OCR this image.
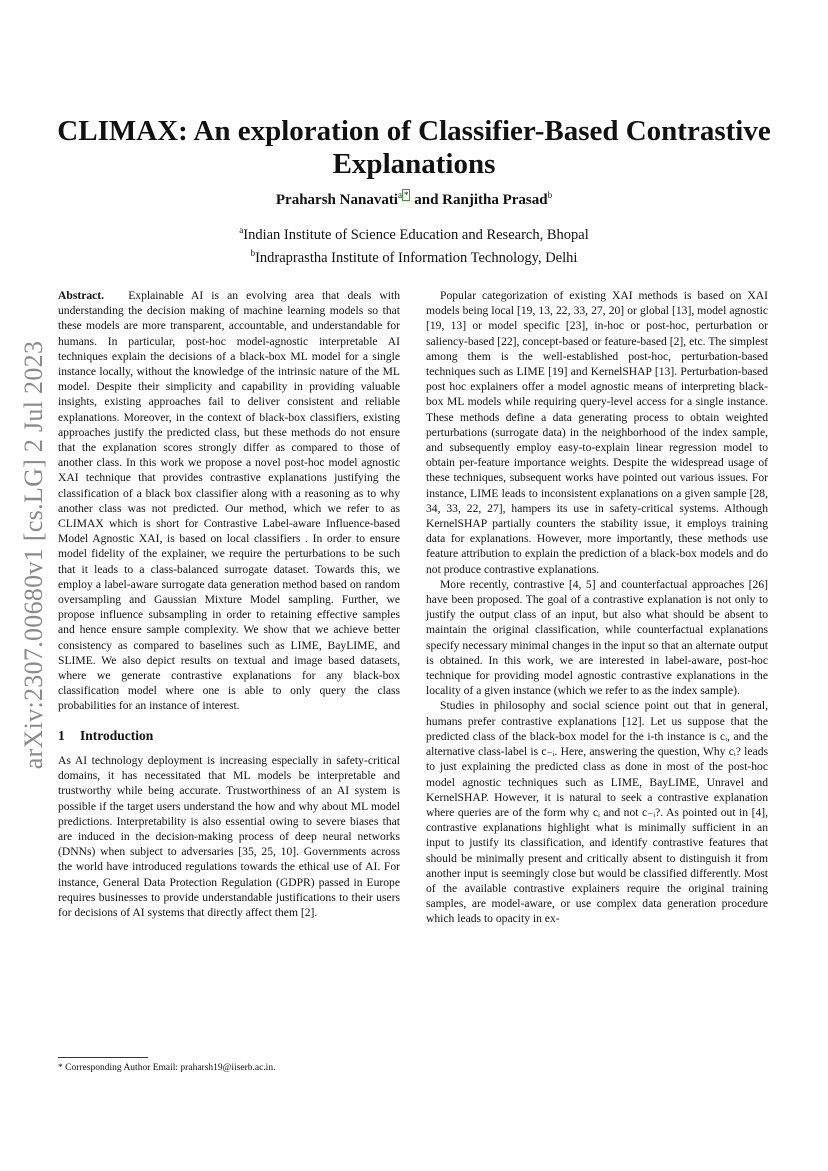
arXiv:2307.00680v1 [cs.LG] 2 Jul 2023
CLIMAX: An exploration of Classifier-Based Contrastive Explanations
Praharsh Nanavati$^a$ * and Ranjitha Prasad$^b$
$^a$Indian Institute of Science Education and Research, Bhopal
$^b$Indraprastha Institute of Information Technology, Delhi

Abstract. Explainable AI is an evolving area that deals with understanding the decision making of machine learning models so that these models are more transparent, accountable, and understandable for humans. In particular, post-hoc model-agnostic interpretable AI techniques explain the decisions of a black-box ML model for a single instance locally, without the knowledge of the intrinsic nature of the ML model. Despite their simplicity and capability in providing valuable insights, existing approaches fail to deliver consistent and reliable explanations. Moreover, in the context of black-box classifiers, existing approaches justify the predicted class, but these methods do not ensure that the explanation scores strongly differ as compared to those of another class. In this work we propose a novel post-hoc model agnostic XAI technique that provides contrastive explanations justifying the classification of a black box classifier along with a reasoning as to why another class was not predicted. Our method, which we refer to as CLIMAX which is short for Contrastive Label-aware Influence-based Model Agnostic XAI, is based on local classifiers . In order to ensure model fidelity of the explainer, we require the perturbations to be such that it leads to a class-balanced surrogate dataset. Towards this, we employ a label-aware surrogate data generation method based on random oversampling and Gaussian Mixture Model sampling. Further, we propose influence subsampling in order to retaining effective samples and hence ensure sample complexity. We show that we achieve better consistency as compared to baselines such as LIME, BayLIME, and SLIME. We also depict results on textual and image based datasets, where we generate contrastive explanations for any black-box classification model where one is able to only query the class probabilities for an instance of interest.

1 Introduction

As AI technology deployment is increasing especially in safety-critical domains, it has necessitated that ML models be interpretable and trustworthy while being accurate. Trustworthiness of an AI system is possible if the target users understand the how and why about ML model predictions. Interpretability is also essential owing to severe biases that are induced in the decision-making process of deep neural networks (DNNs) when subject to adversaries [35, 25, 10]. Governments across the world have introduced regulations towards the ethical use of AI. For instance, General Data Protection Regulation (GDPR) passed in Europe requires businesses to provide understandable justifications to their users for decisions of AI systems that directly affect them [2].

Popular categorization of existing XAI methods is based on XAI models being local [19, 13, 22, 33, 27, 20] or global [13], model agnostic [19, 13] or model specific [23], in-hoc or post-hoc, perturbation or saliency-based [22], concept-based or feature-based [2], etc. The simplest among them is the well-established post-hoc, perturbation-based techniques such as LIME [19] and KernelSHAP [13]. Perturbation-based post hoc explainers offer a model agnostic means of interpreting black-box ML models while requiring query-level access for a single instance. These methods define a data generating process to obtain weighted perturbations (surrogate data) in the neighborhood of the index sample, and subsequently employ easy-to-explain linear regression model to obtain per-feature importance weights. Despite the widespread usage of these techniques, subsequent works have pointed out various issues. For instance, LIME leads to inconsistent explanations on a given sample [28, 34, 33, 22, 27], hampers its use in safety-critical systems. Although KernelSHAP partially counters the stability issue, it employs training data for explanations. However, more importantly, these methods use feature attribution to explain the prediction of a black-box models and do not produce contrastive explanations.

More recently, contrastive [4, 5] and counterfactual approaches [26] have been proposed. The goal of a contrastive explanation is not only to justify the output class of an input, but also what should be absent to maintain the original classification, while counterfactual explanations specify necessary minimal changes in the input so that an alternate output is obtained. In this work, we are interested in label-aware, post-hoc technique for providing model agnostic contrastive explanations in the locality of a given instance (which we refer to as the index sample).

Studies in philosophy and social science point out that in general, humans prefer contrastive explanations [12]. Let us suppose that the predicted class of the black-box model for the i-th instance is cᵢ, and the alternative class-label is c₋ᵢ. Here, answering the question, Why cᵢ? leads to just explaining the predicted class as done in most of the post-hoc model agnostic techniques such as LIME, BayLIME, Unravel and KernelSHAP. However, it is natural to seek a contrastive explanation where queries are of the form why cᵢ and not c₋ᵢ?. As pointed out in [4], contrastive explanations highlight what is minimally sufficient in an input to justify its classification, and identify contrastive features that should be minimally present and critically absent to distinguish it from another input is seemingly close but would be classified differently. Most of the available contrastive explainers require the original training samples, are model-aware, or use complex data generation procedure which leads to opacity in ex-

* Corresponding Author Email: praharsh19@iiserb.ac.in.
